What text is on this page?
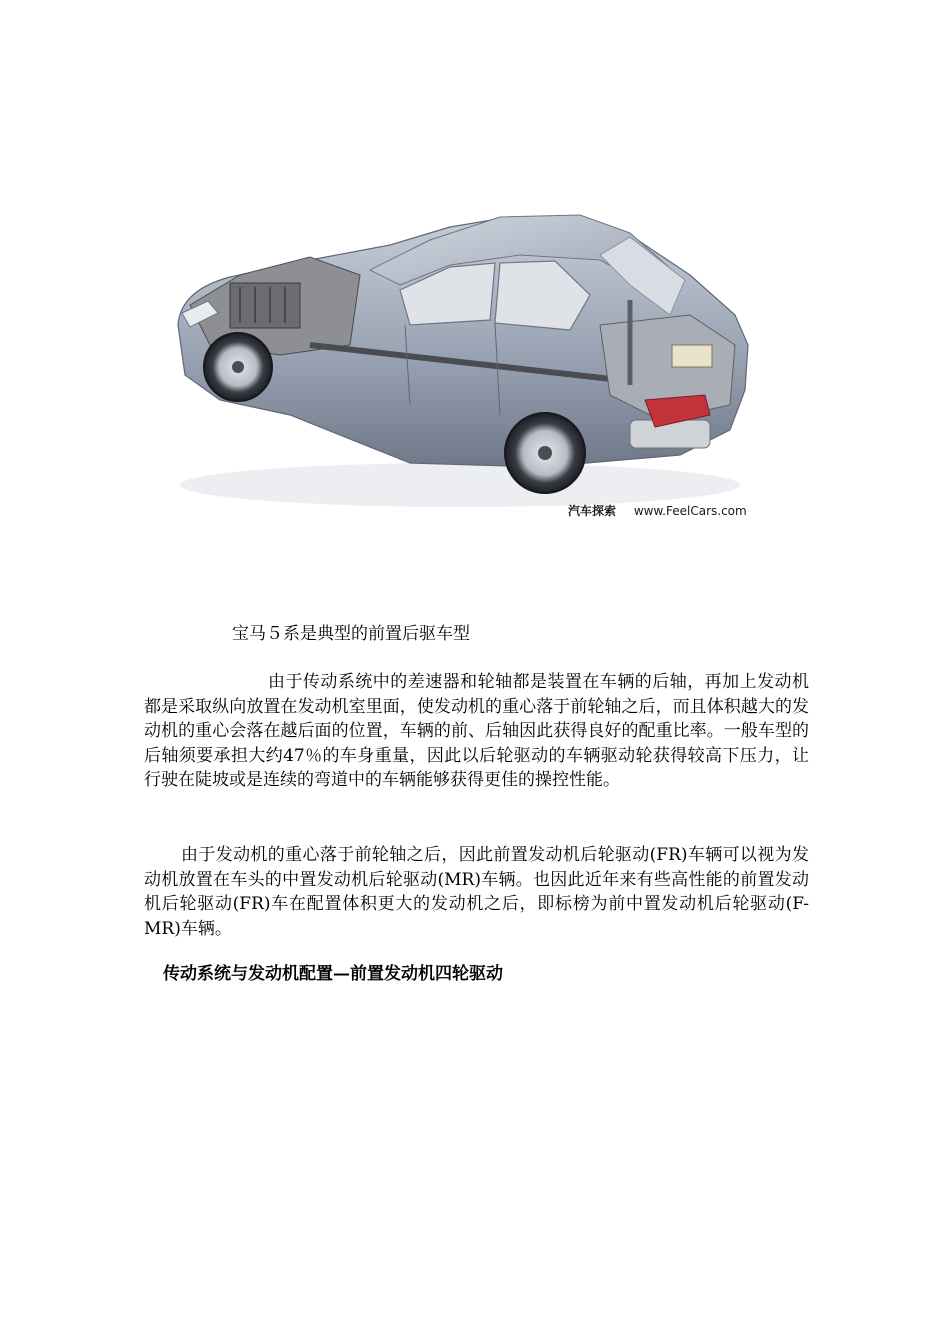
汽车探索 www.FeelCars.com
宝马５系是典型的前置后驱车型

由于传动系统中的差速器和轮轴都是装置在车辆的后轴，再加上发动机都是采取纵向放置在发动机室里面，使发动机的重心落于前轮轴之后，而且体积越大的发动机的重心会落在越后面的位置，车辆的前、后轴因此获得良好的配重比率。一般车型的后轴须要承担大约47％的车身重量，因此以后轮驱动的车辆驱动轮获得较高下压力，让行驶在陡坡或是连续的弯道中的车辆能够获得更佳的操控性能。

由于发动机的重心落于前轮轴之后，因此前置发动机后轮驱动(FR)车辆可以视为发动机放置在车头的中置发动机后轮驱动(MR)车辆。也因此近年来有些高性能的前置发动机后轮驱动(FR)车在配置体积更大的发动机之后，即标榜为前中置发动机后轮驱动(F-MR)车辆。

传动系统与发动机配置—前置发动机四轮驱动
